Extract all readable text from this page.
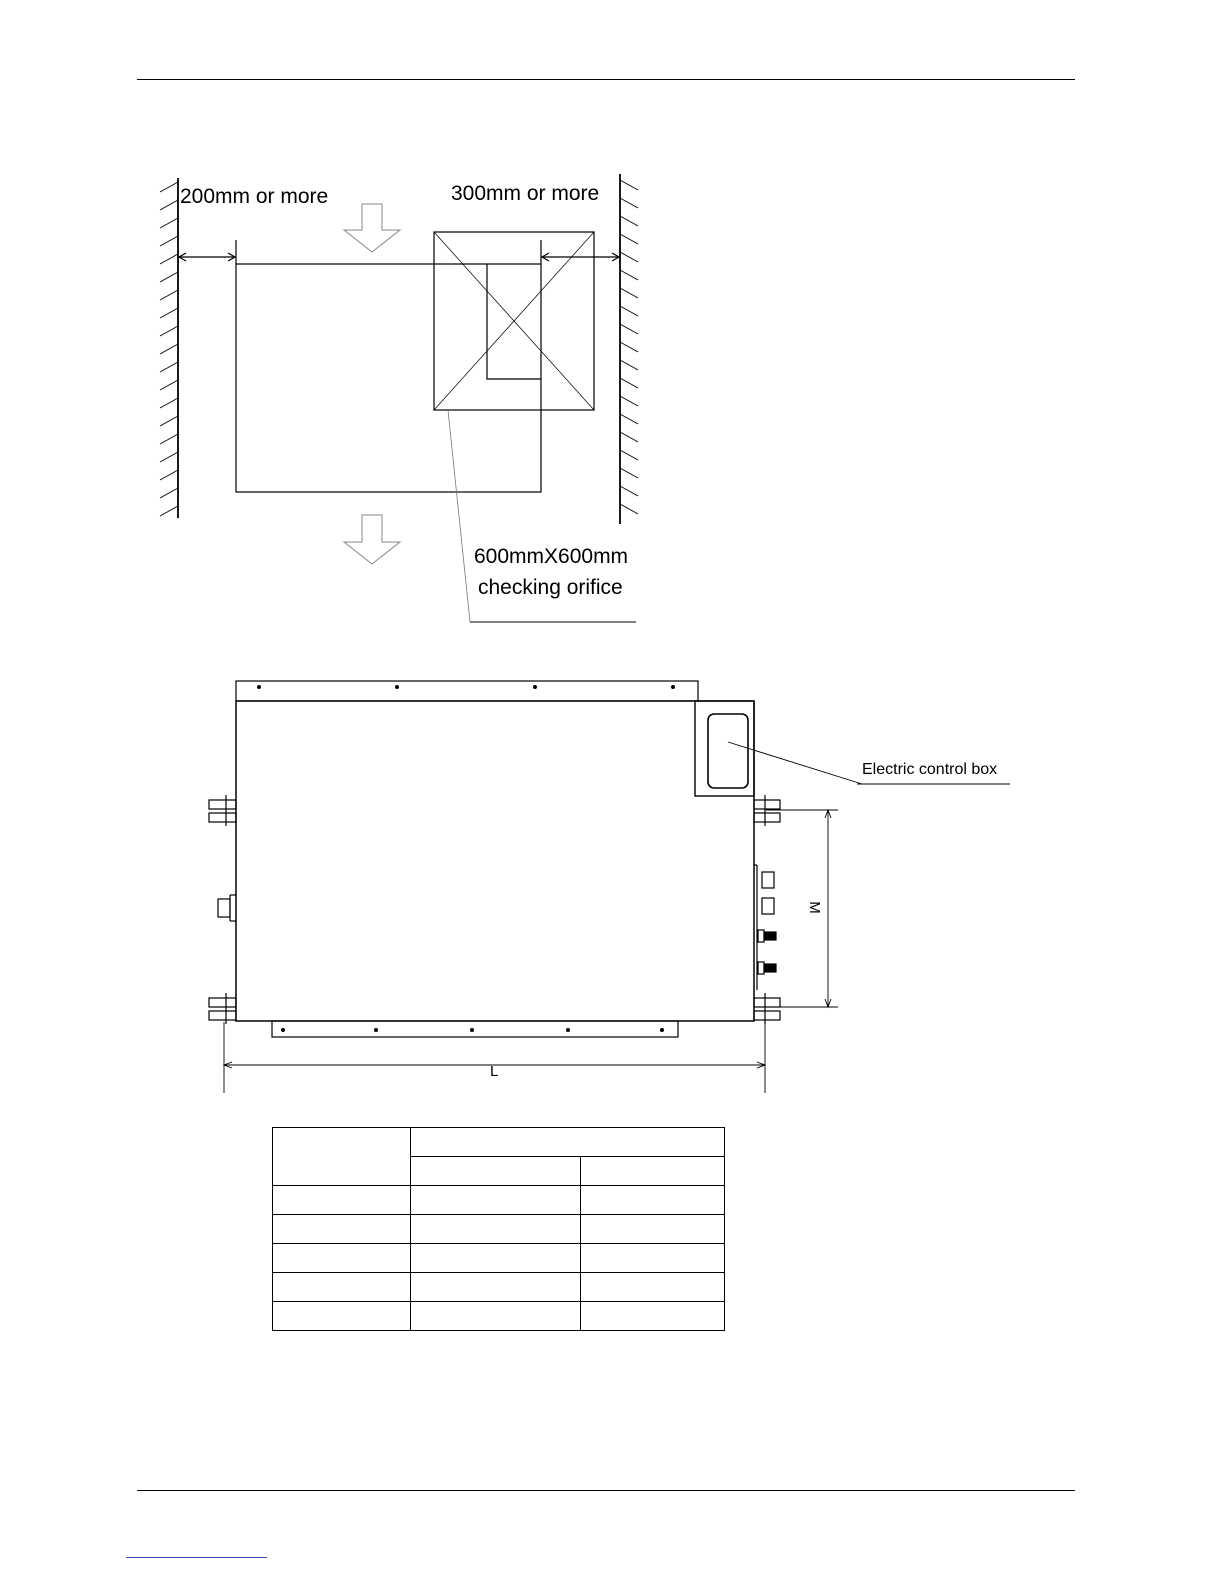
200mm or more	300mm or more
600mmX600mm
checking orifice
Electric control box
L
M
